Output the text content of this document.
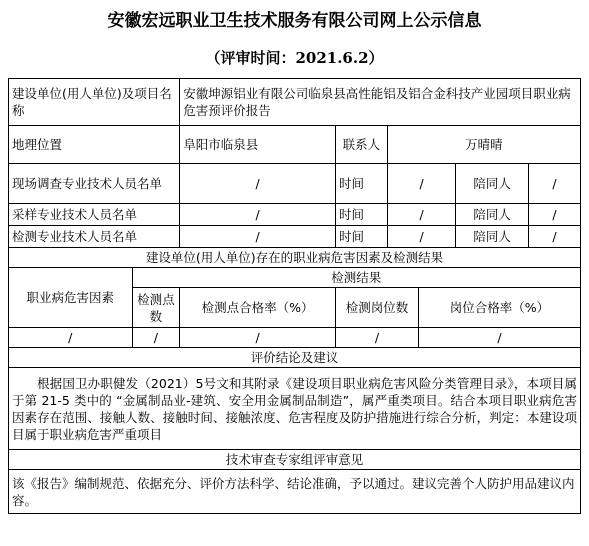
安徽宏远职业卫生技术服务有限公司网上公示信息
（评审时间：2021.6.2）
建设单位(用人单位)及项目名称		安徽坤源铝业有限公司临泉县高性能铝及铝合金科技产业园项目职业病危害预评价报告					
地理位置		阜阳市临泉县	联系人	万晴晴			
现场调查专业技术人员名单		/	时间	/		陪同人	/
采样专业技术人员名单		/	时间	/		陪同人	/
检测专业技术人员名单		/	时间	/		陪同人	/
建设单位(用人单位)存在的职业病危害因素及检测结果							
职业病危害因素	检测结果						
	检测点数	检测点合格率（%）	检测岗位数		岗位合格率（%）		
/	/	/	/		/		
评价结论及建议							
根据国卫办职健发（2021）5号文和其附录《建设项目职业病危害风险分类管理目录》，本项目属于第 21-5 类中的 “金属制品业-建筑、安全用金属制品制造”，属严重类项目。结合本项目职业病危害因素存在范围、接触人数、接触时间、接触浓度、危害程度及防护措施进行综合分析，判定：本建设项目属于职业病危害严重项目							
技术审查专家组评审意见							
该《报告》编制规范、依据充分、评价方法科学、结论准确，予以通过。建议完善个人防护用品建议内容。							
